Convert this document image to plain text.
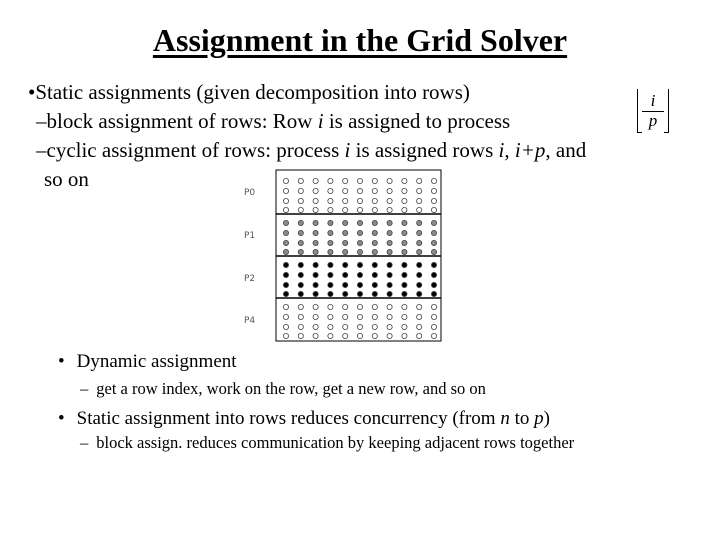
Assignment in the Grid Solver
•Static assignments (given decomposition into rows)
–block assignment of rows: Row i is assigned to process
i
p
–cyclic assignment of rows: process i is assigned rows i, i+p, and
so on
P0
P1
P2
P4
• Dynamic assignment
– get a row index, work on the row, get a new row, and so on
• Static assignment into rows reduces concurrency (from n to p)
– block assign. reduces communication by keeping adjacent rows together
